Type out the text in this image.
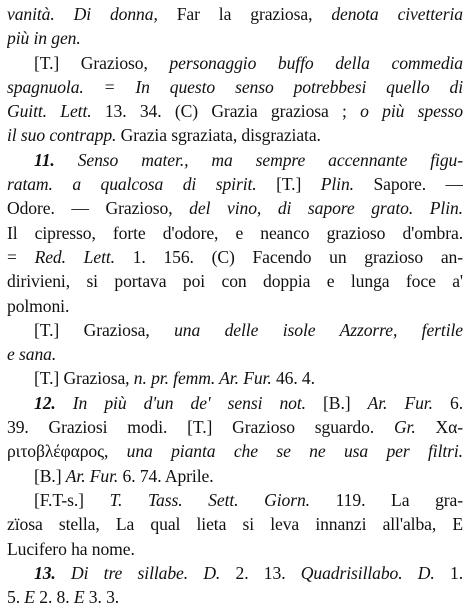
vanità. Di donna, Far la graziosa, denota civetteria
più in gen.
[T.] Grazioso, personaggio buffo della commedia
spagnuola. = In questo senso potrebbesi quello di
Guitt. Lett. 13. 34. (C) Grazia graziosa ; o più spesso
il suo contrapp. Grazia sgraziata, disgraziata.
11. Senso mater., ma sempre accennante figu-
ratam. a qualcosa di spirit. [T.] Plin. Sapore. —
Odore. — Grazioso, del vino, di sapore grato. Plin.
Il cipresso, forte d'odore, e neanco grazioso d'ombra.
= Red. Lett. 1. 156. (C) Facendo un grazioso an-
dirivieni, si portava poi con doppia e lunga foce a'
polmoni.
[T.] Graziosa, una delle isole Azzorre, fertile
e sana.
[T.] Graziosa, n. pr. femm. Ar. Fur. 46. 4.
12. In più d'un de' sensi not. [B.] Ar. Fur. 6.
39. Graziosi modi. [T.] Grazioso sguardo. Gr. Χα-
ριτοβλέφαρος, una pianta che se ne usa per filtri.
[B.] Ar. Fur. 6. 74. Aprile.
[F.T-s.] T. Tass. Sett. Giorn. 119. La gra-
zïosa stella, La qual lieta si leva innanzi all'alba, E
Lucifero ha nome.
13. Di tre sillabe. D. 2. 13. Quadrisillabo. D. 1.
5. E 2. 8. E 3. 3.
